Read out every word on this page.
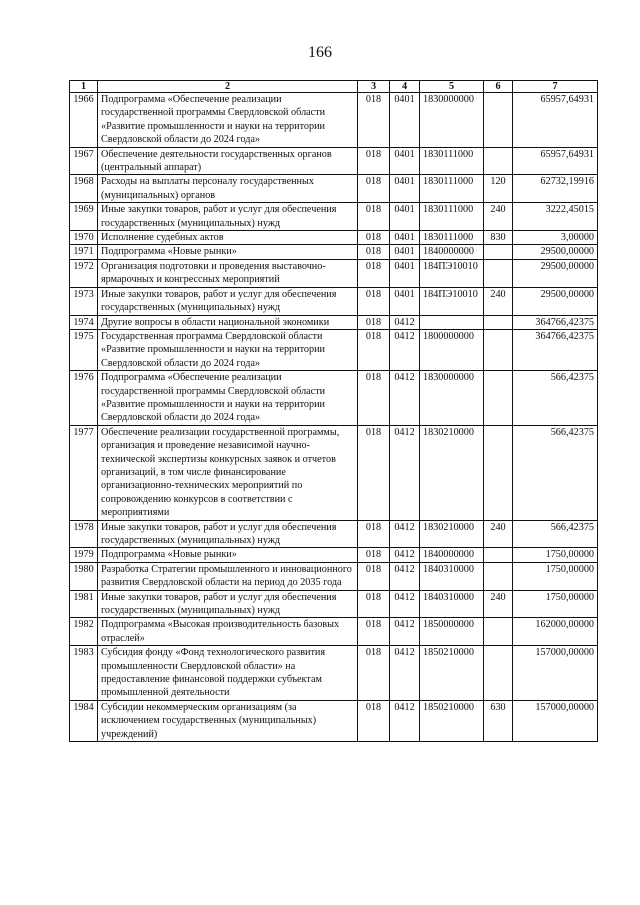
166
1	2	3	4	5	6	7
1966	Подпрограмма «Обеспечение реализации государственной программы Свердловской области «Развитие промышленности и науки на территории Свердловской области до 2024 года»	018	0401	1830000000		65957,64931
1967	Обеспечение деятельности государственных органов (центральный аппарат)	018	0401	1830111000		65957,64931
1968	Расходы на выплаты персоналу государственных (муниципальных) органов	018	0401	1830111000	120	62732,19916
1969	Иные закупки товаров, работ и услуг для обеспечения государственных (муниципальных) нужд	018	0401	1830111000	240	3222,45015
1970	Исполнение судебных актов	018	0401	1830111000	830	3,00000
1971	Подпрограмма «Новые рынки»	018	0401	1840000000		29500,00000
1972	Организация подготовки и проведения выставочно-ярмарочных и конгрессных мероприятий	018	0401	184ПЭ10010		29500,00000
1973	Иные закупки товаров, работ и услуг для обеспечения государственных (муниципальных) нужд	018	0401	184ПЭ10010	240	29500,00000
1974	Другие вопросы в области национальной экономики	018	0412			364766,42375
1975	Государственная программа Свердловской области «Развитие промышленности и науки на территории Свердловской области до 2024 года»	018	0412	1800000000		364766,42375
1976	Подпрограмма «Обеспечение реализации государственной программы Свердловской области «Развитие промышленности и науки на территории Свердловской области до 2024 года»	018	0412	1830000000		566,42375
1977	Обеспечение реализации государственной программы, организация и проведение независимой научно-технической экспертизы конкурсных заявок и отчетов организаций, в том числе финансирование организационно-технических мероприятий по сопровождению конкурсов в соответствии с мероприятиями	018	0412	1830210000		566,42375
1978	Иные закупки товаров, работ и услуг для обеспечения государственных (муниципальных) нужд	018	0412	1830210000	240	566,42375
1979	Подпрограмма «Новые рынки»	018	0412	1840000000		1750,00000
1980	Разработка Стратегии промышленного и инновационного развития Свердловской области на период до 2035 года	018	0412	1840310000		1750,00000
1981	Иные закупки товаров, работ и услуг для обеспечения государственных (муниципальных) нужд	018	0412	1840310000	240	1750,00000
1982	Подпрограмма «Высокая производительность базовых отраслей»	018	0412	1850000000		162000,00000
1983	Субсидия фонду «Фонд технологического развития промышленности Свердловской области» на предоставление финансовой поддержки субъектам промышленной деятельности	018	0412	1850210000		157000,00000
1984	Субсидии некоммерческим организациям (за исключением государственных (муниципальных) учреждений)	018	0412	1850210000	630	157000,00000
